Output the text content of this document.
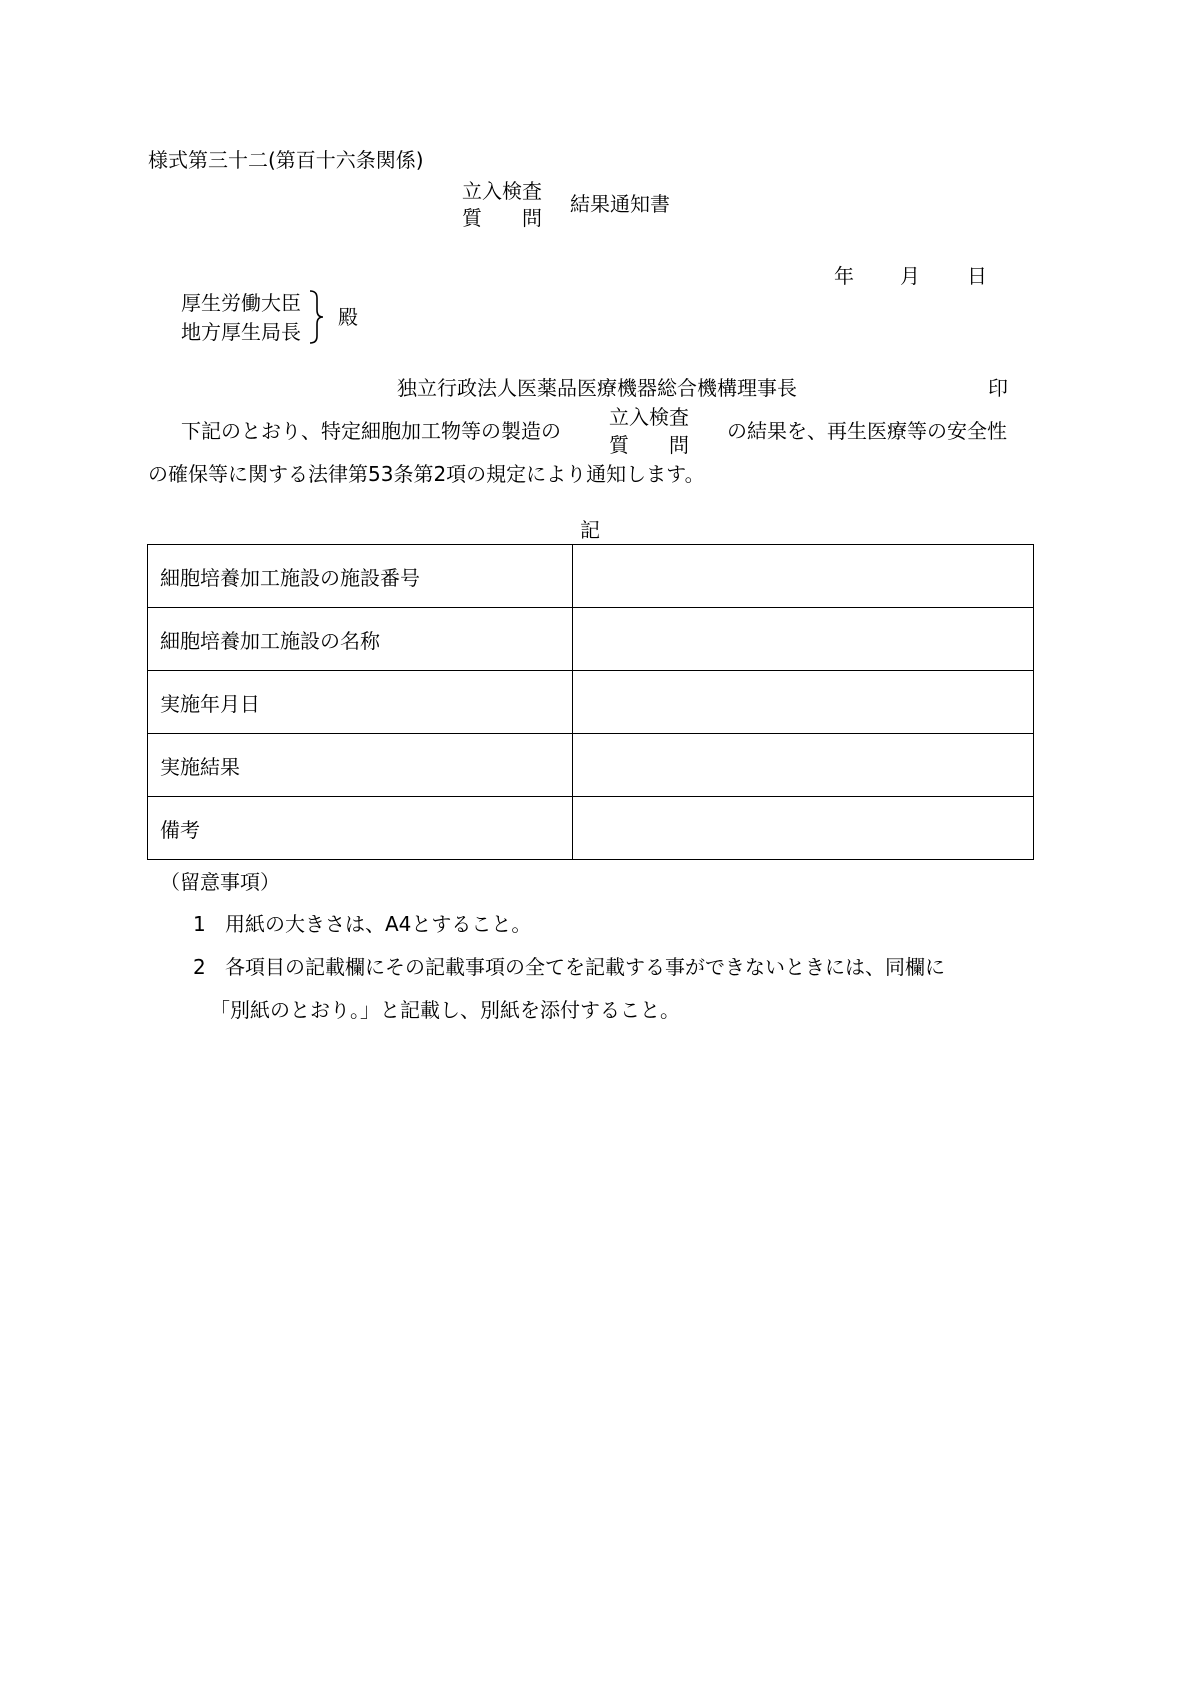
様式第三十二(第百十六条関係)
立入検査
質　　問
結果通知書
年 月 日
厚生労働大臣
地方厚生局長
殿
独立行政法人医薬品医療機器総合機構理事長	印
下記のとおり、特定細胞加工物等の製造の
立入検査
質　　問
の結果を、再生医療等の安全性
の確保等に関する法律第53条第2項の規定により通知します。
記
細胞培養加工施設の施設番号	
細胞培養加工施設の名称	
実施年月日	
実施結果	
備考	
（留意事項）
1 用紙の大きさは、A4とすること。
2 各項目の記載欄にその記載事項の全てを記載する事ができないときには、同欄に
「別紙のとおり。」と記載し、別紙を添付すること。
